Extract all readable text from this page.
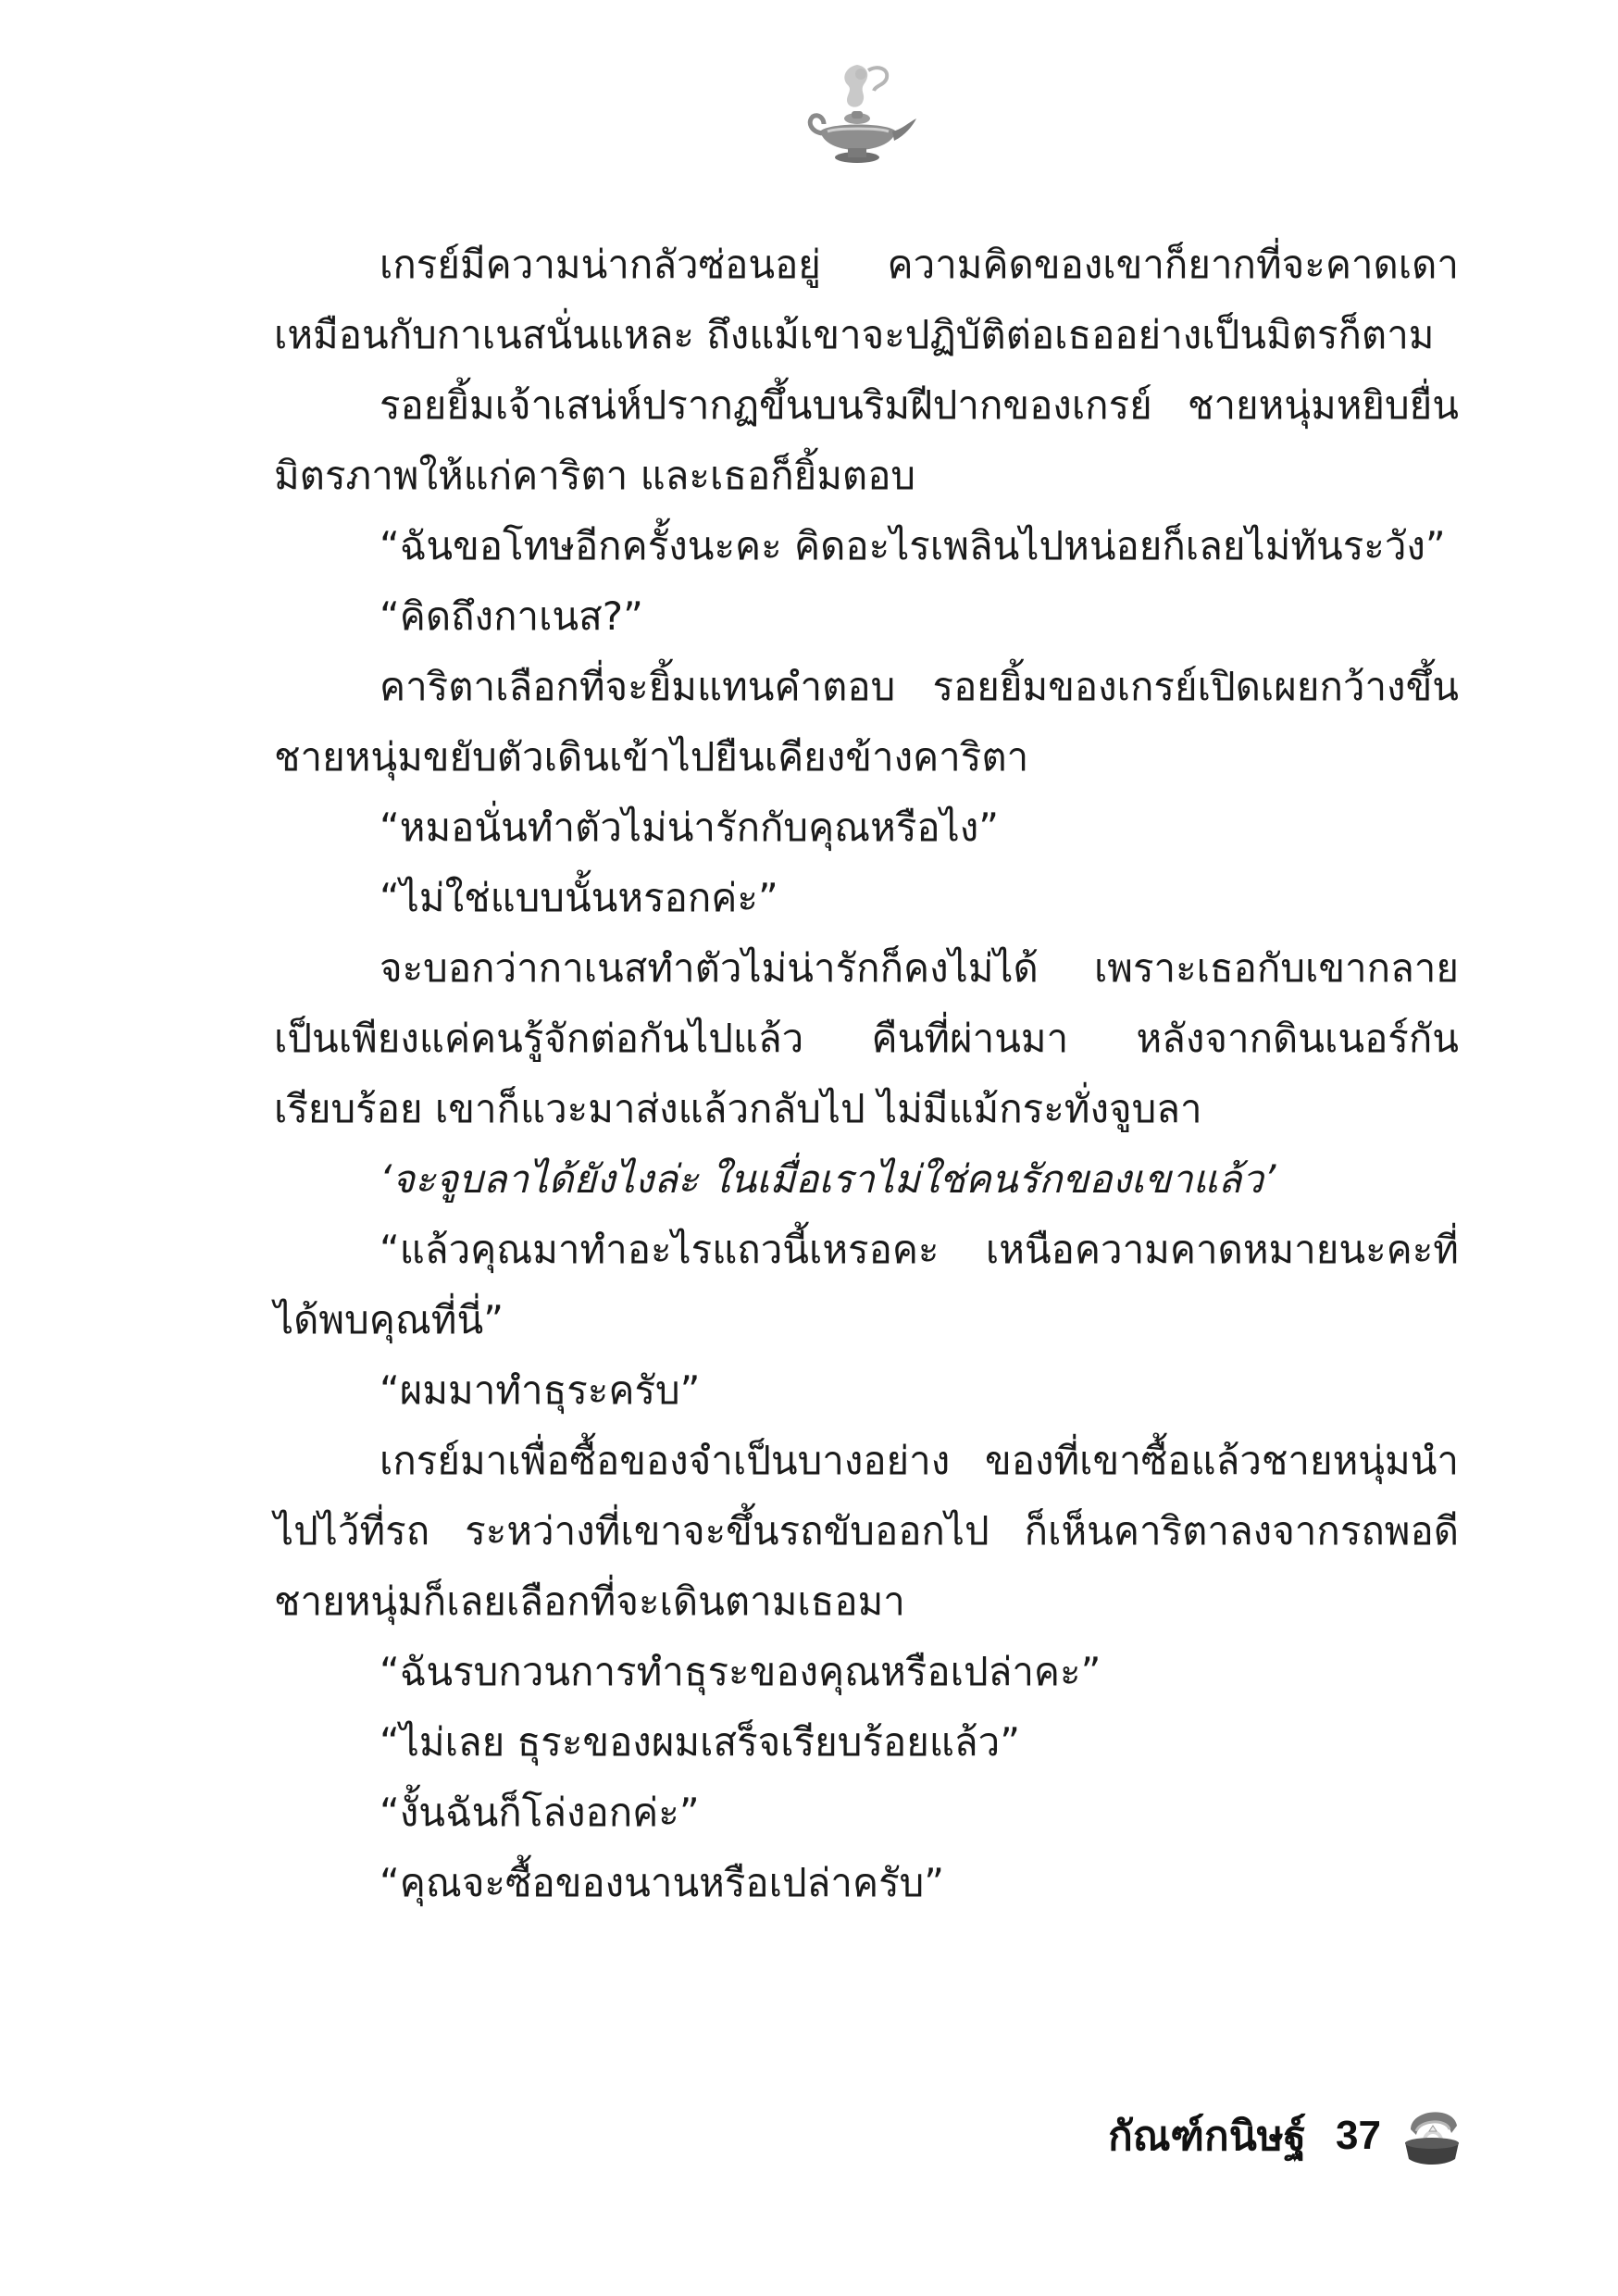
เกรย์มีความน่ากลัวซ่อนอยู่ ความคิดของเขาก็ยากที่จะคาดเดาเหมือนกับกาเนสนั่นแหละ ถึงแม้เขาจะปฏิบัติต่อเธออย่างเป็นมิตรก็ตาม

รอยยิ้มเจ้าเสน่ห์ปรากฏขึ้นบนริมฝีปากของเกรย์ ชายหนุ่มหยิบยื่นมิตรภาพให้แก่คาริตา และเธอก็ยิ้มตอบ

“ฉันขอโทษอีกครั้งนะคะ คิดอะไรเพลินไปหน่อยก็เลยไม่ทันระวัง”

“คิดถึงกาเนส?”

คาริตาเลือกที่จะยิ้มแทนคำตอบ รอยยิ้มของเกรย์เปิดเผยกว้างขึ้น ชายหนุ่มขยับตัวเดินเข้าไปยืนเคียงข้างคาริตา

“หมอนั่นทำตัวไม่น่ารักกับคุณหรือไง”

“ไม่ใช่แบบนั้นหรอกค่ะ”

จะบอกว่ากาเนสทำตัวไม่น่ารักก็คงไม่ได้ เพราะเธอกับเขากลายเป็นเพียงแค่คนรู้จักต่อกันไปแล้ว คืนที่ผ่านมา หลังจากดินเนอร์กันเรียบร้อย เขาก็แวะมาส่งแล้วกลับไป ไม่มีแม้กระทั่งจูบลา

‘จะจูบลาได้ยังไงล่ะ ในเมื่อเราไม่ใช่คนรักของเขาแล้ว’

“แล้วคุณมาทำอะไรแถวนี้เหรอคะ เหนือความคาดหมายนะคะที่ได้พบคุณที่นี่”

“ผมมาทำธุระครับ”

เกรย์มาเพื่อซื้อของจำเป็นบางอย่าง ของที่เขาซื้อแล้วชายหนุ่มนำไปไว้ที่รถ ระหว่างที่เขาจะขึ้นรถขับออกไป ก็เห็นคาริตาลงจากรถพอดี ชายหนุ่มก็เลยเลือกที่จะเดินตามเธอมา

“ฉันรบกวนการทำธุระของคุณหรือเปล่าคะ”

“ไม่เลย ธุระของผมเสร็จเรียบร้อยแล้ว”

“งั้นฉันก็โล่งอกค่ะ”

“คุณจะซื้อของนานหรือเปล่าครับ”

กัณฑ์กนิษฐ์ 37
